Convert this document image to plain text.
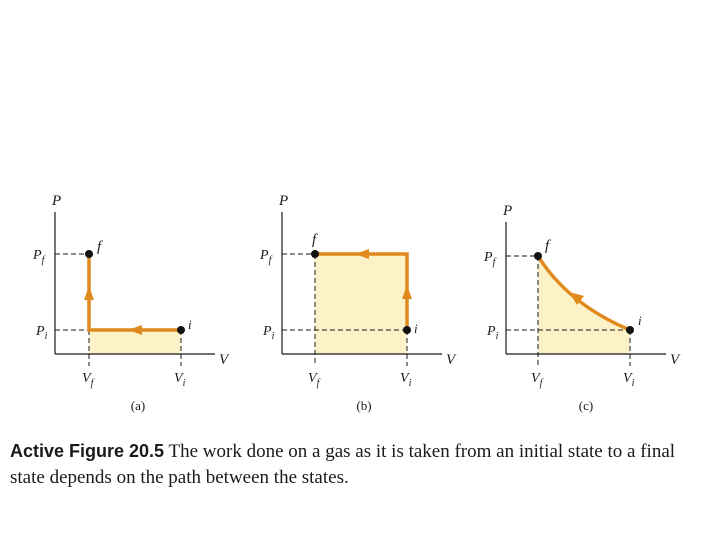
P
V
$P_f$
$P_i$
$V_f$	$V_i$
f
i
(a)
P
V
$P_f$
$P_i$
$V_f$	$V_i$
f
i
(b)
P
V
$P_f$
$P_i$
$V_f$	$V_i$
f
i
(c)
Active Figure 20.5 The work done on a gas as it is taken from an initial state to a final state depends on the path between the states.
